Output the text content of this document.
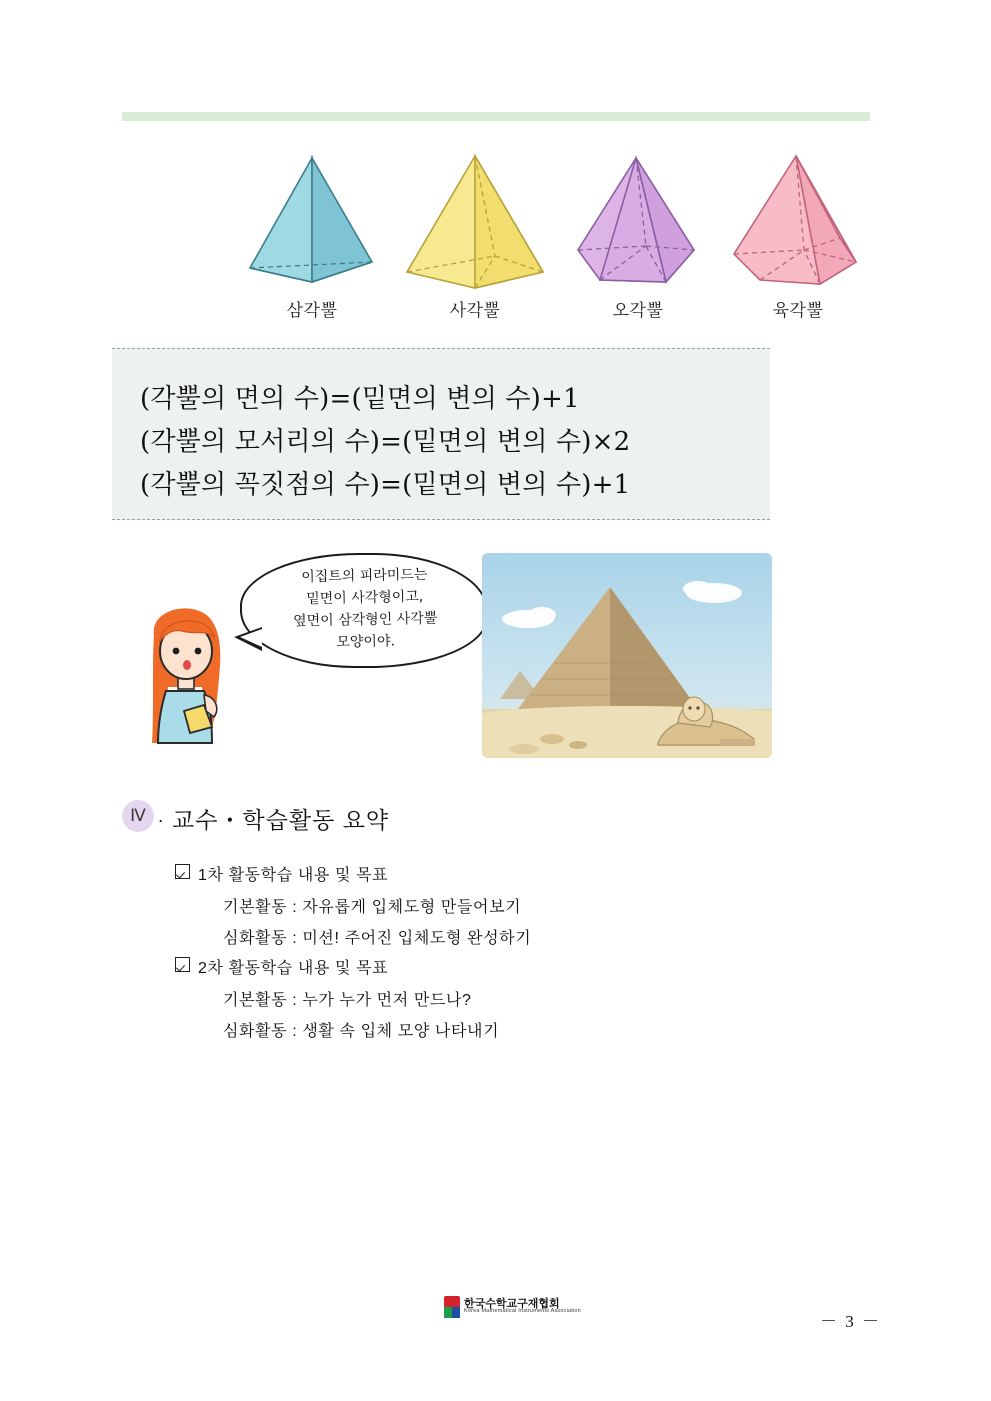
삼각뿔	사각뿔	오각뿔	육각뿔
(각뿔의 면의 수)=(밑면의 변의 수)+1
(각뿔의 모서리의 수)=(밑면의 변의 수)×2
(각뿔의 꼭짓점의 수)=(밑면의 변의 수)+1
이집트의 피라미드는
밑면이 사각형이고,
옆면이 삼각형인 사각뿔
모양이야.
Ⅳ . 교수・학습활동 요약
1차 활동학습 내용 및 목표
기본활동 : 자유롭게 입체도형 만들어보기
심화활동 : 미션! 주어진 입체도형 완성하기
2차 활동학습 내용 및 목표
기본활동 : 누가 누가 먼저 만드나?
심화활동 : 생활 속 입체 모양 나타내기
한국수학교구재협회
Korea Mathematical Instruments Association
－ 3 －
